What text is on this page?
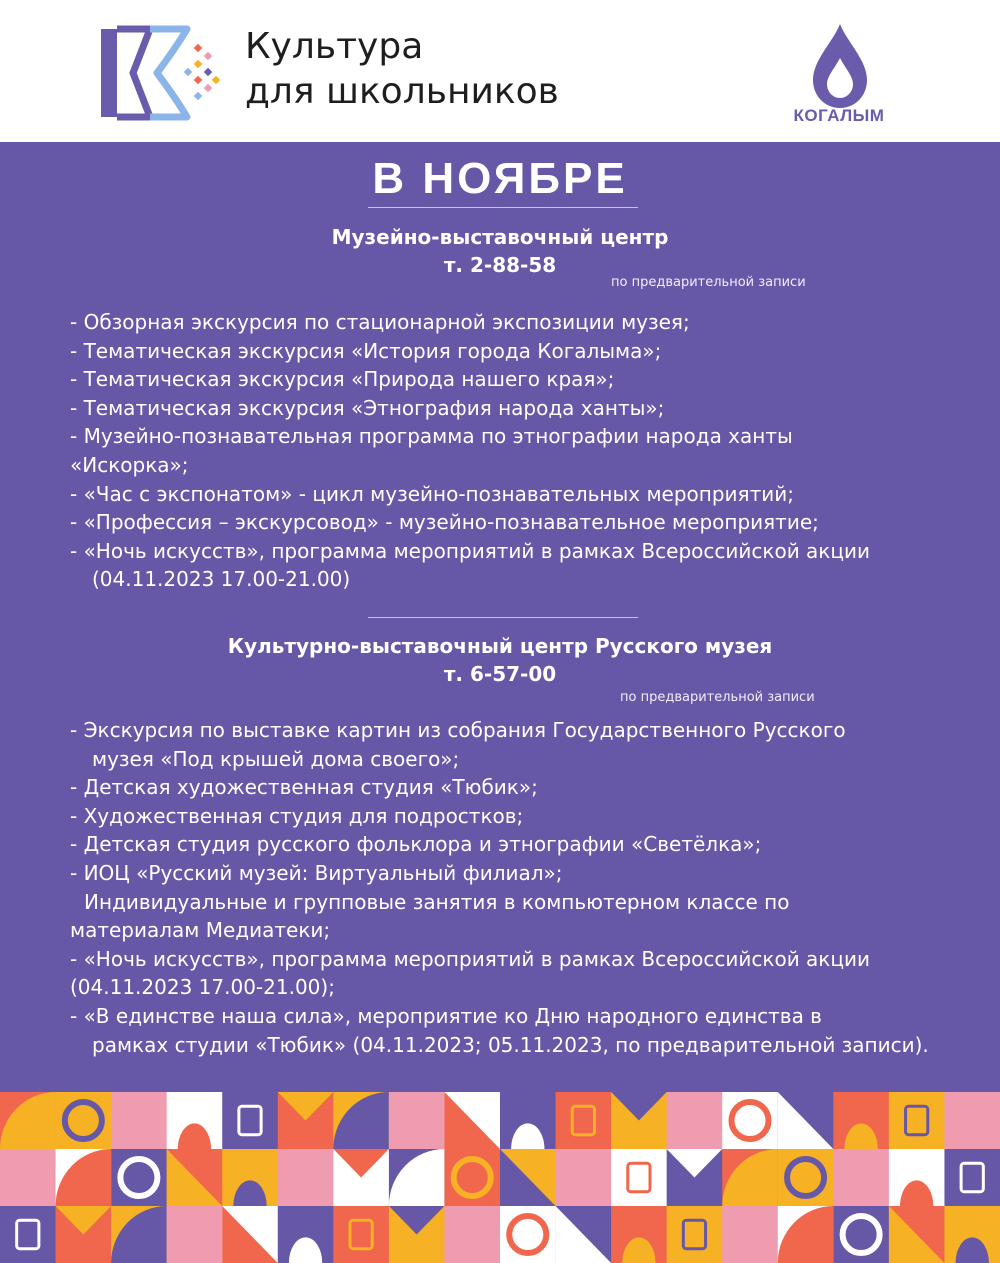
Культура
для школьников
КОГАЛЫМ
В НОЯБРЕ
Музейно-выставочный центр
т. 2-88-58
по предварительной записи
- Обзорная экскурсия по стационарной экспозиции музея;
- Тематическая экскурсия «История города Когалыма»;
- Тематическая экскурсия «Природа нашего края»;
- Тематическая экскурсия «Этнография народа ханты»;
- Музейно-познавательная программа по этнографии народа ханты
«Искорка»;
- «Час с экспонатом» - цикл музейно-познавательных мероприятий;
- «Профессия – экскурсовод» - музейно-познавательное мероприятие;
- «Ночь искусств», программа мероприятий в рамках Всероссийской акции
(04.11.2023 17.00-21.00)
Культурно-выставочный центр Русского музея
т. 6-57-00
по предварительной записи
- Экскурсия по выставке картин из собрания Государственного Русского
музея «Под крышей дома своего»;
- Детская художественная студия «Тюбик»;
- Художественная студия для подростков;
- Детская студия русского фольклора и этнографии «Светёлка»;
- ИОЦ «Русский музей: Виртуальный филиал»;
Индивидуальные и групповые занятия в компьютерном классе по
материалам Медиатеки;
- «Ночь искусств», программа мероприятий в рамках Всероссийской акции
(04.11.2023 17.00-21.00);
- «В единстве наша сила», мероприятие ко Дню народного единства в
рамках студии «Тюбик» (04.11.2023; 05.11.2023, по предварительной записи).
